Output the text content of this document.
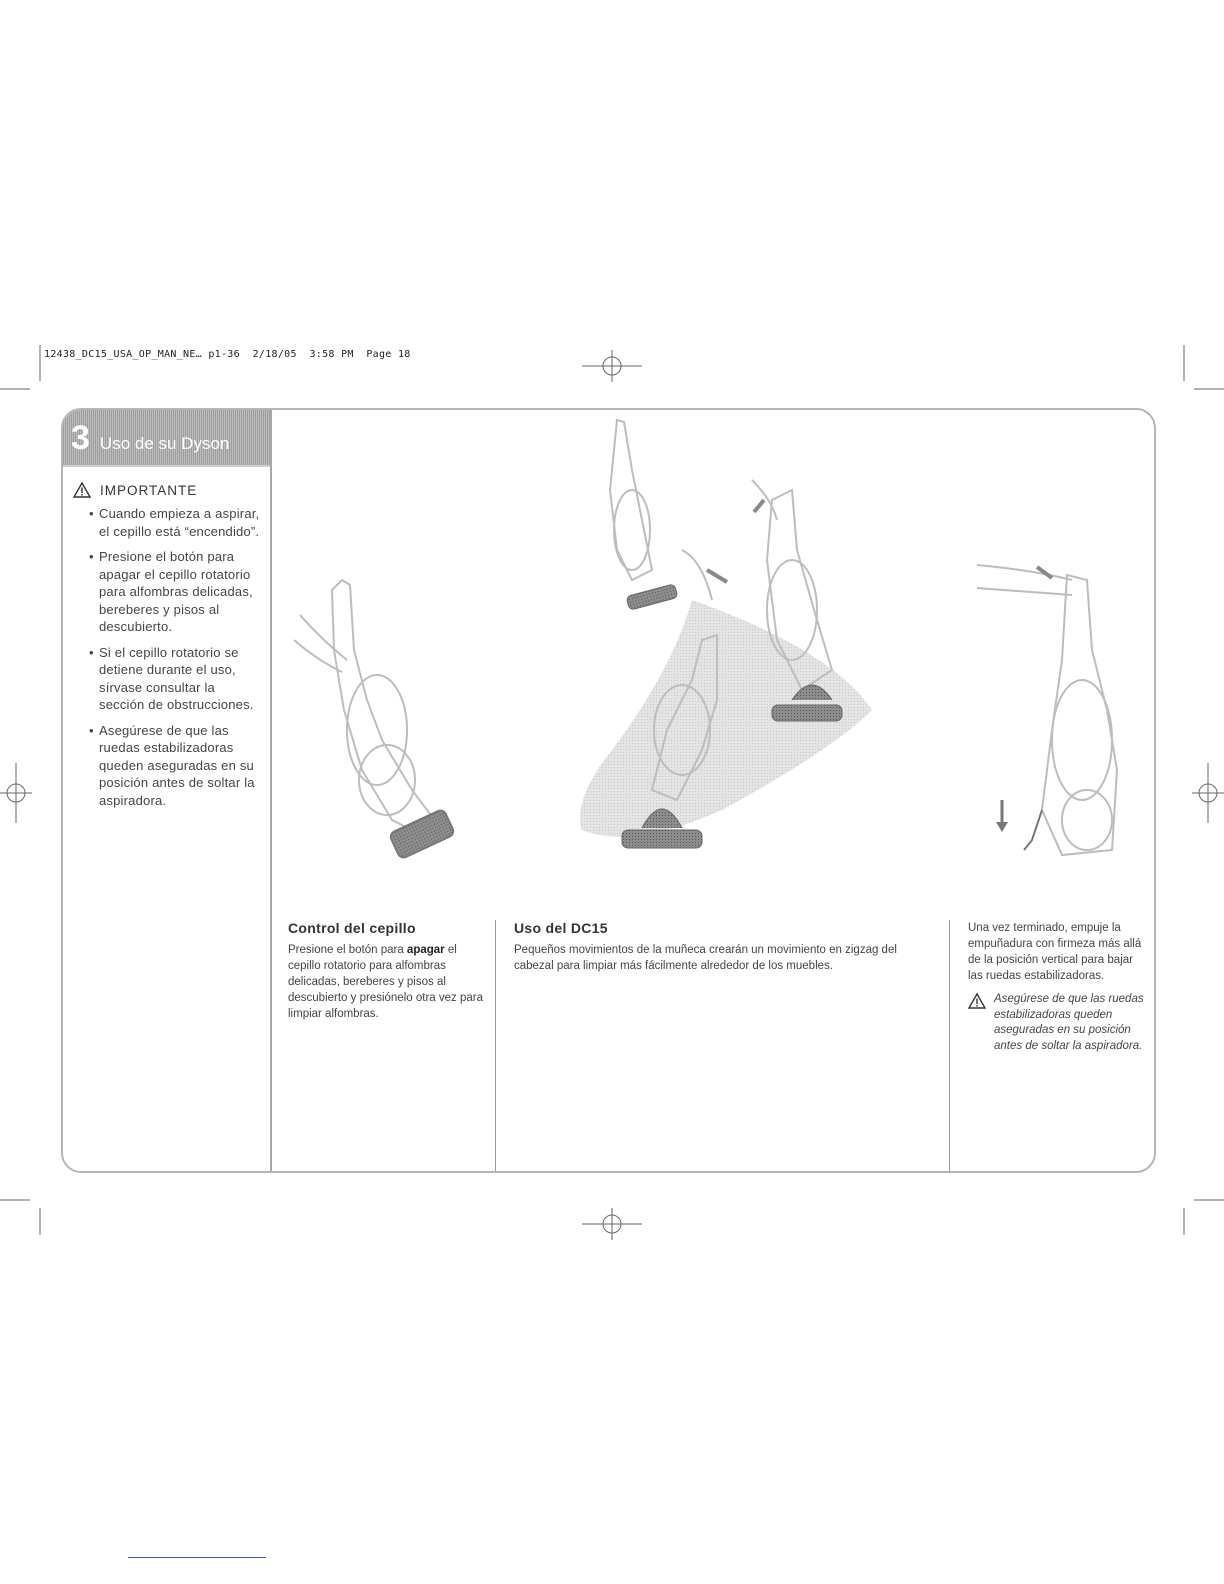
12438_DC15_USA_OP_MAN_NE… p1-36  2/18/05  3:58 PM  Page 18
3 Uso de su Dyson
IMPORTANTE
• Cuando empieza a aspirar, el cepillo está “encendido”.
• Presione el botón para apagar el cepillo rotatorio para alfombras delicadas, bereberes y pisos al descubierto.
• Si el cepillo rotatorio se detiene durante el uso, sírvase consultar la sección de obstrucciones.
• Asegúrese de que las ruedas estabilizadoras queden aseguradas en su posición antes de soltar la aspiradora.
Control del cepillo

Presione el botón para apagar el cepillo rotatorio para alfombras delicadas, bereberes y pisos al descubierto y presiónelo otra vez para limpiar alfombras.

Uso del DC15

Pequeños movimientos de la muñeca crearán un movimiento en zigzag del cabezal para limpiar más fácilmente alrededor de los muebles.

Una vez terminado, empuje la empuñadura con firmeza más allá de la posición vertical para bajar las ruedas estabilizadoras.

Asegúrese de que las ruedas estabilizadoras queden aseguradas en su posición antes de soltar la aspiradora.
